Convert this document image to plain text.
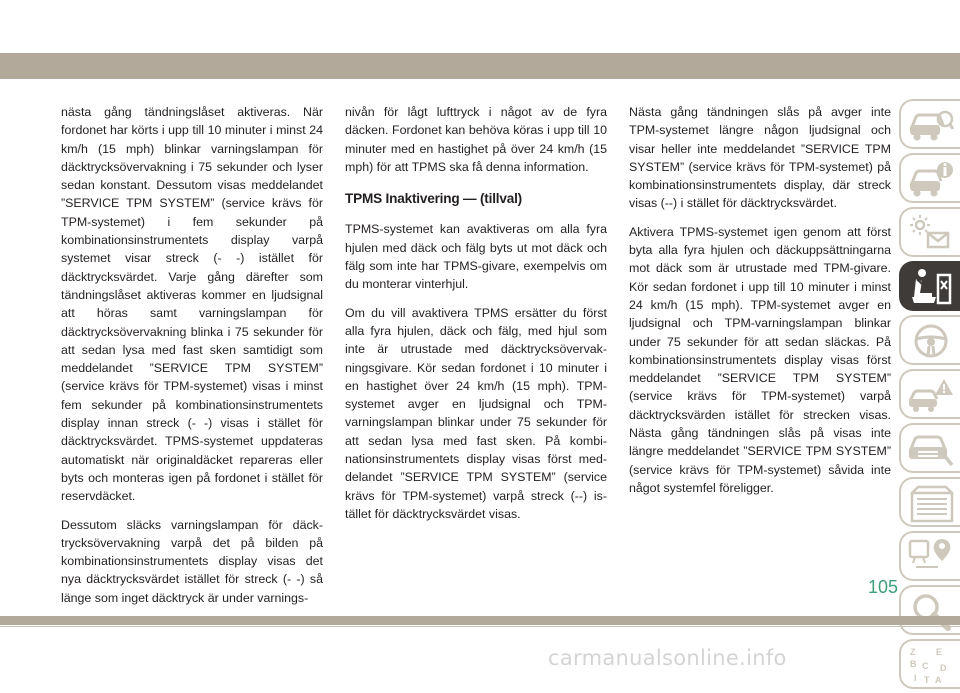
nästa gång tändningslåset aktiveras. När fordonet har körts i upp till 10 minuter i minst 24 km/h (15 mph) blinkar varningslampan för däcktrycksövervakning i 75 sekunder och lyser sedan konstant. Dessutom visas meddelandet ”SERVICE TPM SYSTEM” (service krävs för TPM-systemet) i fem sekunder på kombinationsinstrumentets display varpå systemet visar streck (- -) istället för däcktrycksvärdet. Varje gång därefter som tändningslåset aktiveras kommer en ljudsignal att höras samt varningslampan för däcktrycksövervakning blinka i 75 sekunder för att sedan lysa med fast sken samtidigt som meddelandet ”SERVICE TPM SYSTEM” (service krävs för TPM-systemet) visas i minst fem sekunder på kombinationsinstrumentets display innan streck (- -) visas i stället för däcktrycksvärdet. TPMS-systemet uppdateras automatiskt när originaldäcket repareras eller byts och monteras igen på fordonet i stället för reservdäcket.

Dessutom släcks varningslampan för däcktrycksövervakning varpå det på bilden på kombinationsinstrumentets display visas det nya däcktrycksvärdet istället för streck (- -) så länge som inget däcktryck är under varnings-

nivån för lågt lufttryck i något av de fyra däcken. Fordonet kan behöva köras i upp till 10 minuter med en hastighet på över 24 km/h (15 mph) för att TPMS ska få denna information.

TPMS Inaktivering — (tillval)

TPMS-systemet kan avaktiveras om alla fyra hjulen med däck och fälg byts ut mot däck och fälg som inte har TPMS-givare, exempelvis om du monterar vinterhjul.

Om du vill avaktivera TPMS ersätter du först alla fyra hjulen, däck och fälg, med hjul som inte är utrustade med däcktrycksövervakningsgivare. Kör sedan fordonet i 10 minuter i en hastighet över 24 km/h (15 mph). TPM-systemet avger en ljudsignal och TPM-varningslampan blinkar under 75 sekunder för att sedan lysa med fast sken. På kombinationsinstrumentets display visas först meddelandet ”SERVICE TPM SYSTEM” (service krävs för TPM-systemet) varpå streck (--) istället för däcktrycksvärdet visas.

Nästa gång tändningen slås på avger inte TPM-systemet längre någon ljudsignal och visar heller inte meddelandet ”SERVICE TPM SYSTEM” (service krävs för TPM-systemet) på kombinationsinstrumentets display, där streck visas (--) i stället för däcktrycksvärdet.

Aktivera TPMS-systemet igen genom att först byta alla fyra hjulen och däckuppsättningarna mot däck som är utrustade med TPM-givare. Kör sedan fordonet i upp till 10 minuter i minst 24 km/h (15 mph). TPM-systemet avger en ljudsignal och TPM-varningslampan blinkar under 75 sekunder för att sedan släckas. På kombinationsinstrumentets display visas först meddelandet ”SERVICE TPM SYSTEM” (service krävs för TPM-systemet) varpå däcktrycksvärden istället för strecken visas. Nästa gång tändningen slås på visas inte längre meddelandet ”SERVICE TPM SYSTEM” (service krävs för TPM-systemet) såvida inte något systemfel föreligger.

Z E
B C D
I T A
105
carmanualsonline.info
